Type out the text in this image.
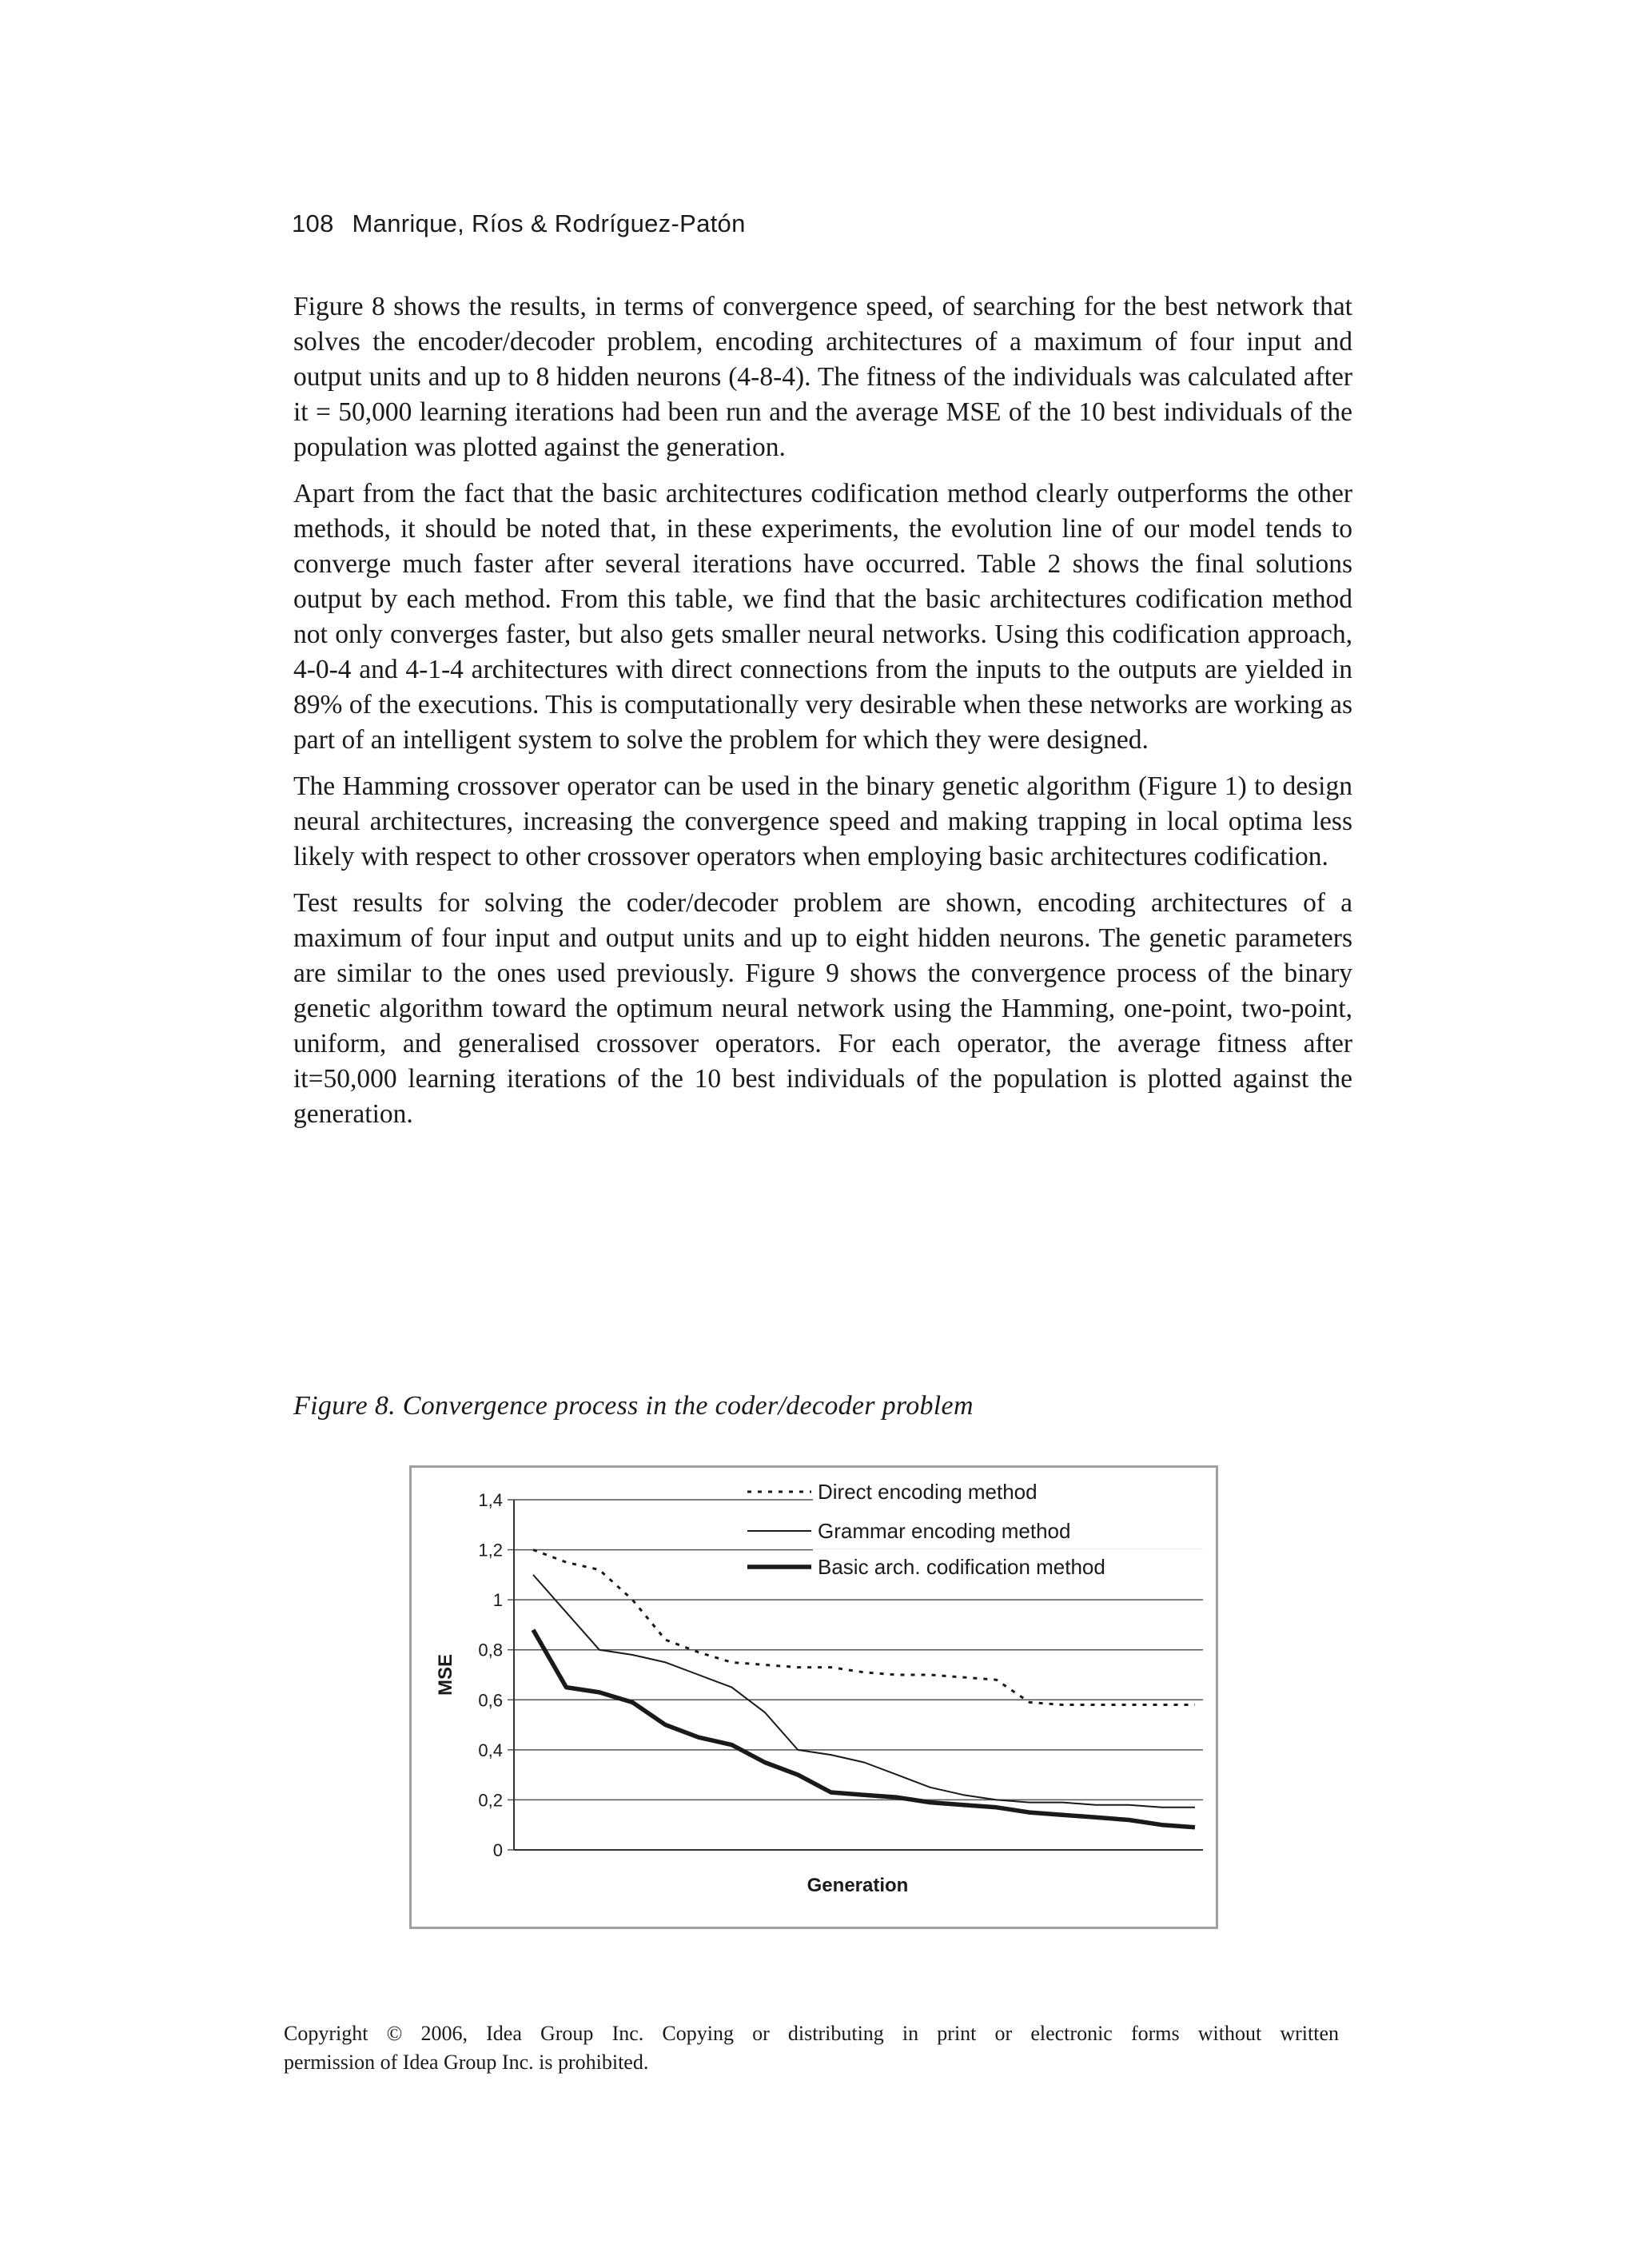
108 Manrique, Ríos & Rodríguez-Patón

Figure 8 shows the results, in terms of convergence speed, of searching for the best network that solves the encoder/decoder problem, encoding architectures of a maximum of four input and output units and up to 8 hidden neurons (4-8-4). The fitness of the individuals was calculated after it = 50,000 learning iterations had been run and the average MSE of the 10 best individuals of the population was plotted against the generation.

Apart from the fact that the basic architectures codification method clearly outperforms the other methods, it should be noted that, in these experiments, the evolution line of our model tends to converge much faster after several iterations have occurred. Table 2 shows the final solutions output by each method. From this table, we find that the basic architectures codification method not only converges faster, but also gets smaller neural networks. Using this codification approach, 4-0-4 and 4-1-4 architectures with direct connections from the inputs to the outputs are yielded in 89% of the executions. This is computationally very desirable when these networks are working as part of an intelligent system to solve the problem for which they were designed.

The Hamming crossover operator can be used in the binary genetic algorithm (Figure 1) to design neural architectures, increasing the convergence speed and making trapping in local optima less likely with respect to other crossover operators when employing basic architectures codification.

Test results for solving the coder/decoder problem are shown, encoding architectures of a maximum of four input and output units and up to eight hidden neurons. The genetic parameters are similar to the ones used previously. Figure 9 shows the convergence process of the binary genetic algorithm toward the optimum neural network using the Hamming, one-point, two-point, uniform, and generalised crossover operators. For each operator, the average fitness after it=50,000 learning iterations of the 10 best individuals of the population is plotted against the generation.

Figure 8. Convergence process in the coder/decoder problem
0
0,2
0,4
0,6
0,8
1
1,2
1,4
MSE
Generation
Direct encoding method
Grammar encoding method
Basic arch. codification method
Copyright © 2006, Idea Group Inc. Copying or distributing in print or electronic forms without written
permission of Idea Group Inc. is prohibited.
